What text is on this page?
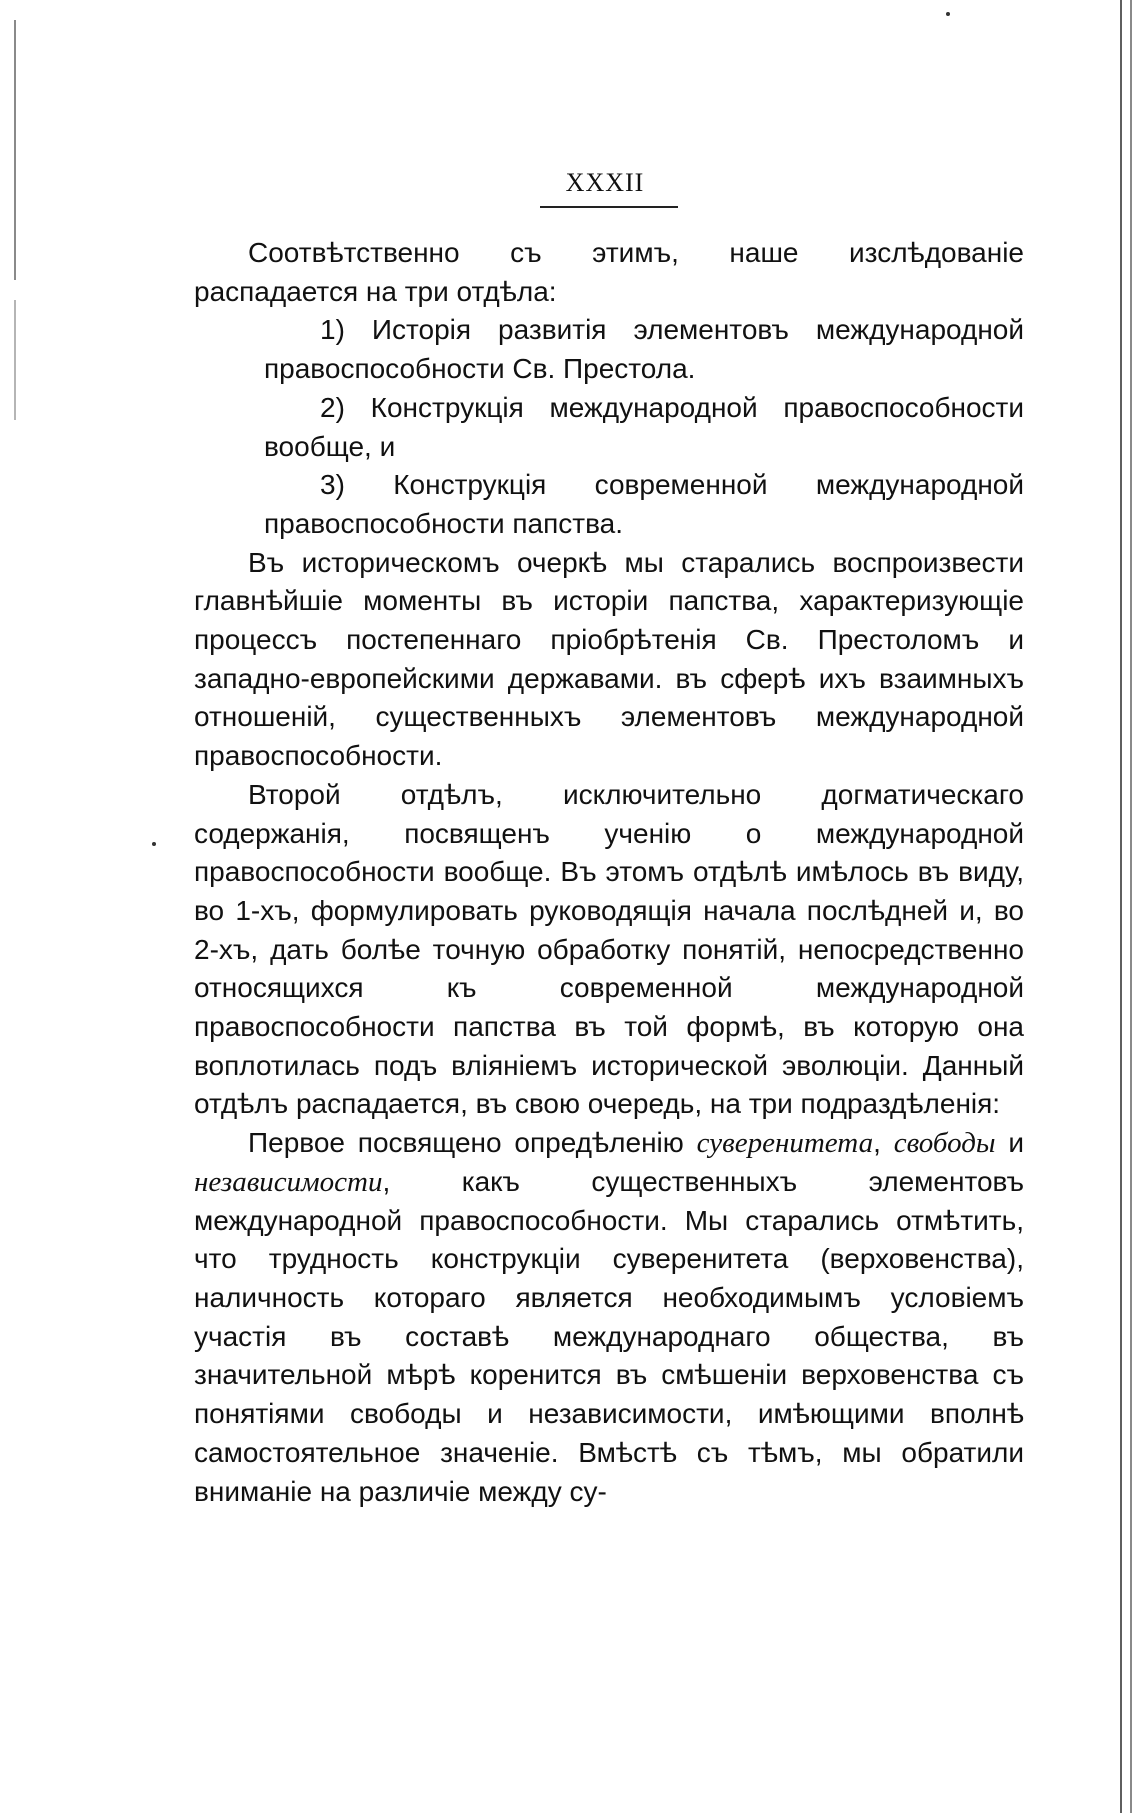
XXXII

Соотвѣтственно съ этимъ, наше изслѣдованіе распадается на три отдѣла:

1) Исторія развитія элементовъ международной правоспособности Св. Престола.

2) Конструкція международной правоспособности вообще, и

3) Конструкція современной международной правоспособности папства.

Въ историческомъ очеркѣ мы старались воспроизвести главнѣйшіе моменты въ исторіи папства, характеризующіе процессъ постепеннаго пріобрѣтенія Св. Престоломъ и западно-европейскими державами. въ сферѣ ихъ взаимныхъ отношеній, существенныхъ элементовъ международной правоспособности.

Второй отдѣлъ, исключительно догматическаго содержанія, посвященъ ученію о международной правоспособности вообще. Въ этомъ отдѣлѣ имѣлось въ виду, во 1-хъ, формулировать руководящія начала послѣдней и, во 2-хъ, дать болѣе точную обработку понятій, непосредственно относящихся къ современной международной правоспособности папства въ той формѣ, въ которую она воплотилась подъ вліяніемъ исторической эволюціи. Данный отдѣлъ распадается, въ свою очередь, на три подраздѣленія:

Первое посвящено опредѣленію суверенитета, свободы и независимости, какъ существенныхъ элементовъ международной правоспособности. Мы старались отмѣтить, что трудность конструкціи суверенитета (верховенства), наличность котораго является необходимымъ условіемъ участія въ составѣ международнаго общества, въ значительной мѣрѣ коренится въ смѣшеніи верховенства съ понятіями свободы и независимости, имѣющими вполнѣ самостоятельное значеніе. Вмѣстѣ съ тѣмъ, мы обратили вниманіе на различіе между су-
